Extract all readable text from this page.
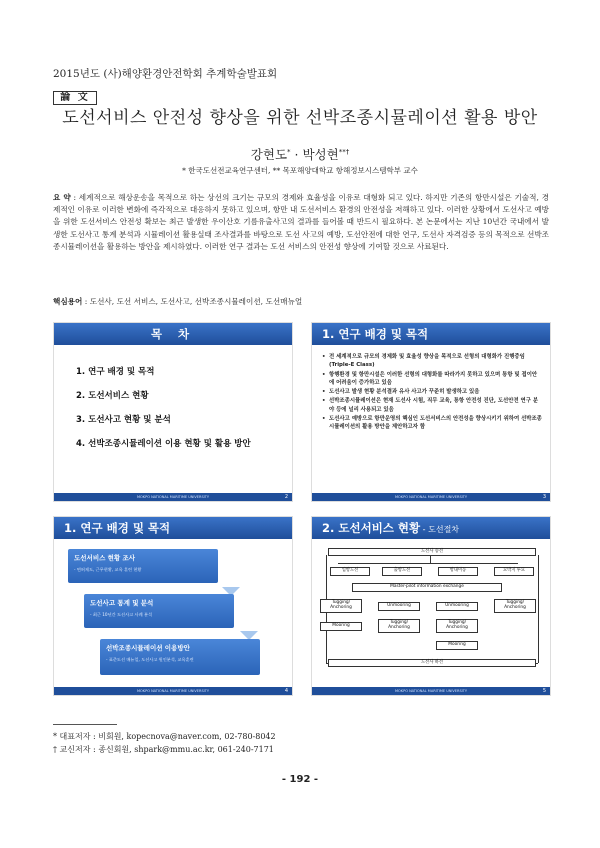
2015년도 (사)해양환경안전학회 추계학술발표회
論 文
도선서비스 안전성 향상을 위한 선박조종시뮬레이션 활용 방안
강현도* · 박성현**†
* 한국도선전교육연구센터, ** 목포해양대학교 항해정보시스템학부 교수
요 약 : 세계적으로 해상운송을 목적으로 하는 상선의 크기는 규모의 경제와 효율성을 이유로 대형화 되고 있다. 하지만 기존의 항만시설은 기술적, 경제적인 이유로 이러한 변화에 즉각적으로 대응하지 못하고 있으며, 항만 내 도선서비스 환경의 안전성을 저해하고 있다. 이러한 상황에서 도선사고 예방을 위한 도선서비스 안전성 확보는 최근 발생한 우이산호 기름유출사고의 결과를 들어볼 때 반드시 필요하다. 본 논문에서는 지난 10년간 국내에서 발생한 도선사고 통계 분석과 시뮬레이션 활용실태 조사결과를 바탕으로 도선 사고의 예방, 도선안전에 대한 연구, 도선사 자격검증 등의 목적으로 선박조종시뮬레이션을 활용하는 방안을 제시하였다. 이러한 연구 결과는 도선 서비스의 안전성 향상에 기여할 것으로 사료된다.
핵심용어 : 도선사, 도선 서비스, 도선사고, 선박조종시뮬레이션, 도선매뉴얼
목 차
1. 연구 배경 및 목적
2. 도선서비스 현황
3. 도선사고 현황 및 분석
4. 선박조종시뮬레이션 이용 현황 및 활용 방안
MOKPO NATIONAL MARITIME UNIVERSITY	2
1. 연구 배경 및 목적
• 전 세계적으로 규모의 경제화 및 효율성 향상을 목적으로 선형의 대형화가 진행중임 (Triple-E Class)
• 항행환경 및 항만시설은 이러한 선형의 대형화를 따라가지 못하고 있으며 통항 및 접이안에 어려움이 증가하고 있음
• 도선사고 발생 현황 분석결과 유사 사고가 꾸준히 발생하고 있음
• 선박조종시뮬레이션은 현재 도선사 시험, 직무 교육, 통항 안전성 진단, 도선안전 연구 분야 등에 널리 사용되고 있음
• 도선사고 예방으로 항만운영의 핵심인 도선서비스의 안전성을 향상시키기 위하여 선박조종시뮬레이션의 활용 방안을 제안하고자 함
MOKPO NATIONAL MARITIME UNIVERSITY	3
1. 연구 배경 및 목적
도선서비스 현황 조사
- 면허제도, 근무현황, 교육 훈련 현황
도선사고 통계 및 분석
- 최근 10년간 도선사고 사례 분석
선박조종시뮬레이션 이용방안
- 표준도선 매뉴얼, 도선사고 원인분석, 교육훈련
MOKPO NATIONAL MARITIME UNIVERSITY	4
2. 도선서비스 현황 - 도선절차
도선사 승선
입항도선	출항도선	항내이동	묘박지 투묘
Master-pilot information exchange
Tugging/
Anchoring	Unmooring	Unmooring
Tugging/
Anchoring
Mooring
Tugging/
Anchoring
Tugging/
Anchoring
Mooring
도선사 하선
MOKPO NATIONAL MARITIME UNIVERSITY	5
* 대표저자 : 비회원, kopecnova@naver.com, 02-780-8042
† 교신저자 : 종신회원, shpark@mmu.ac.kr, 061-240-7171
- 192 -
